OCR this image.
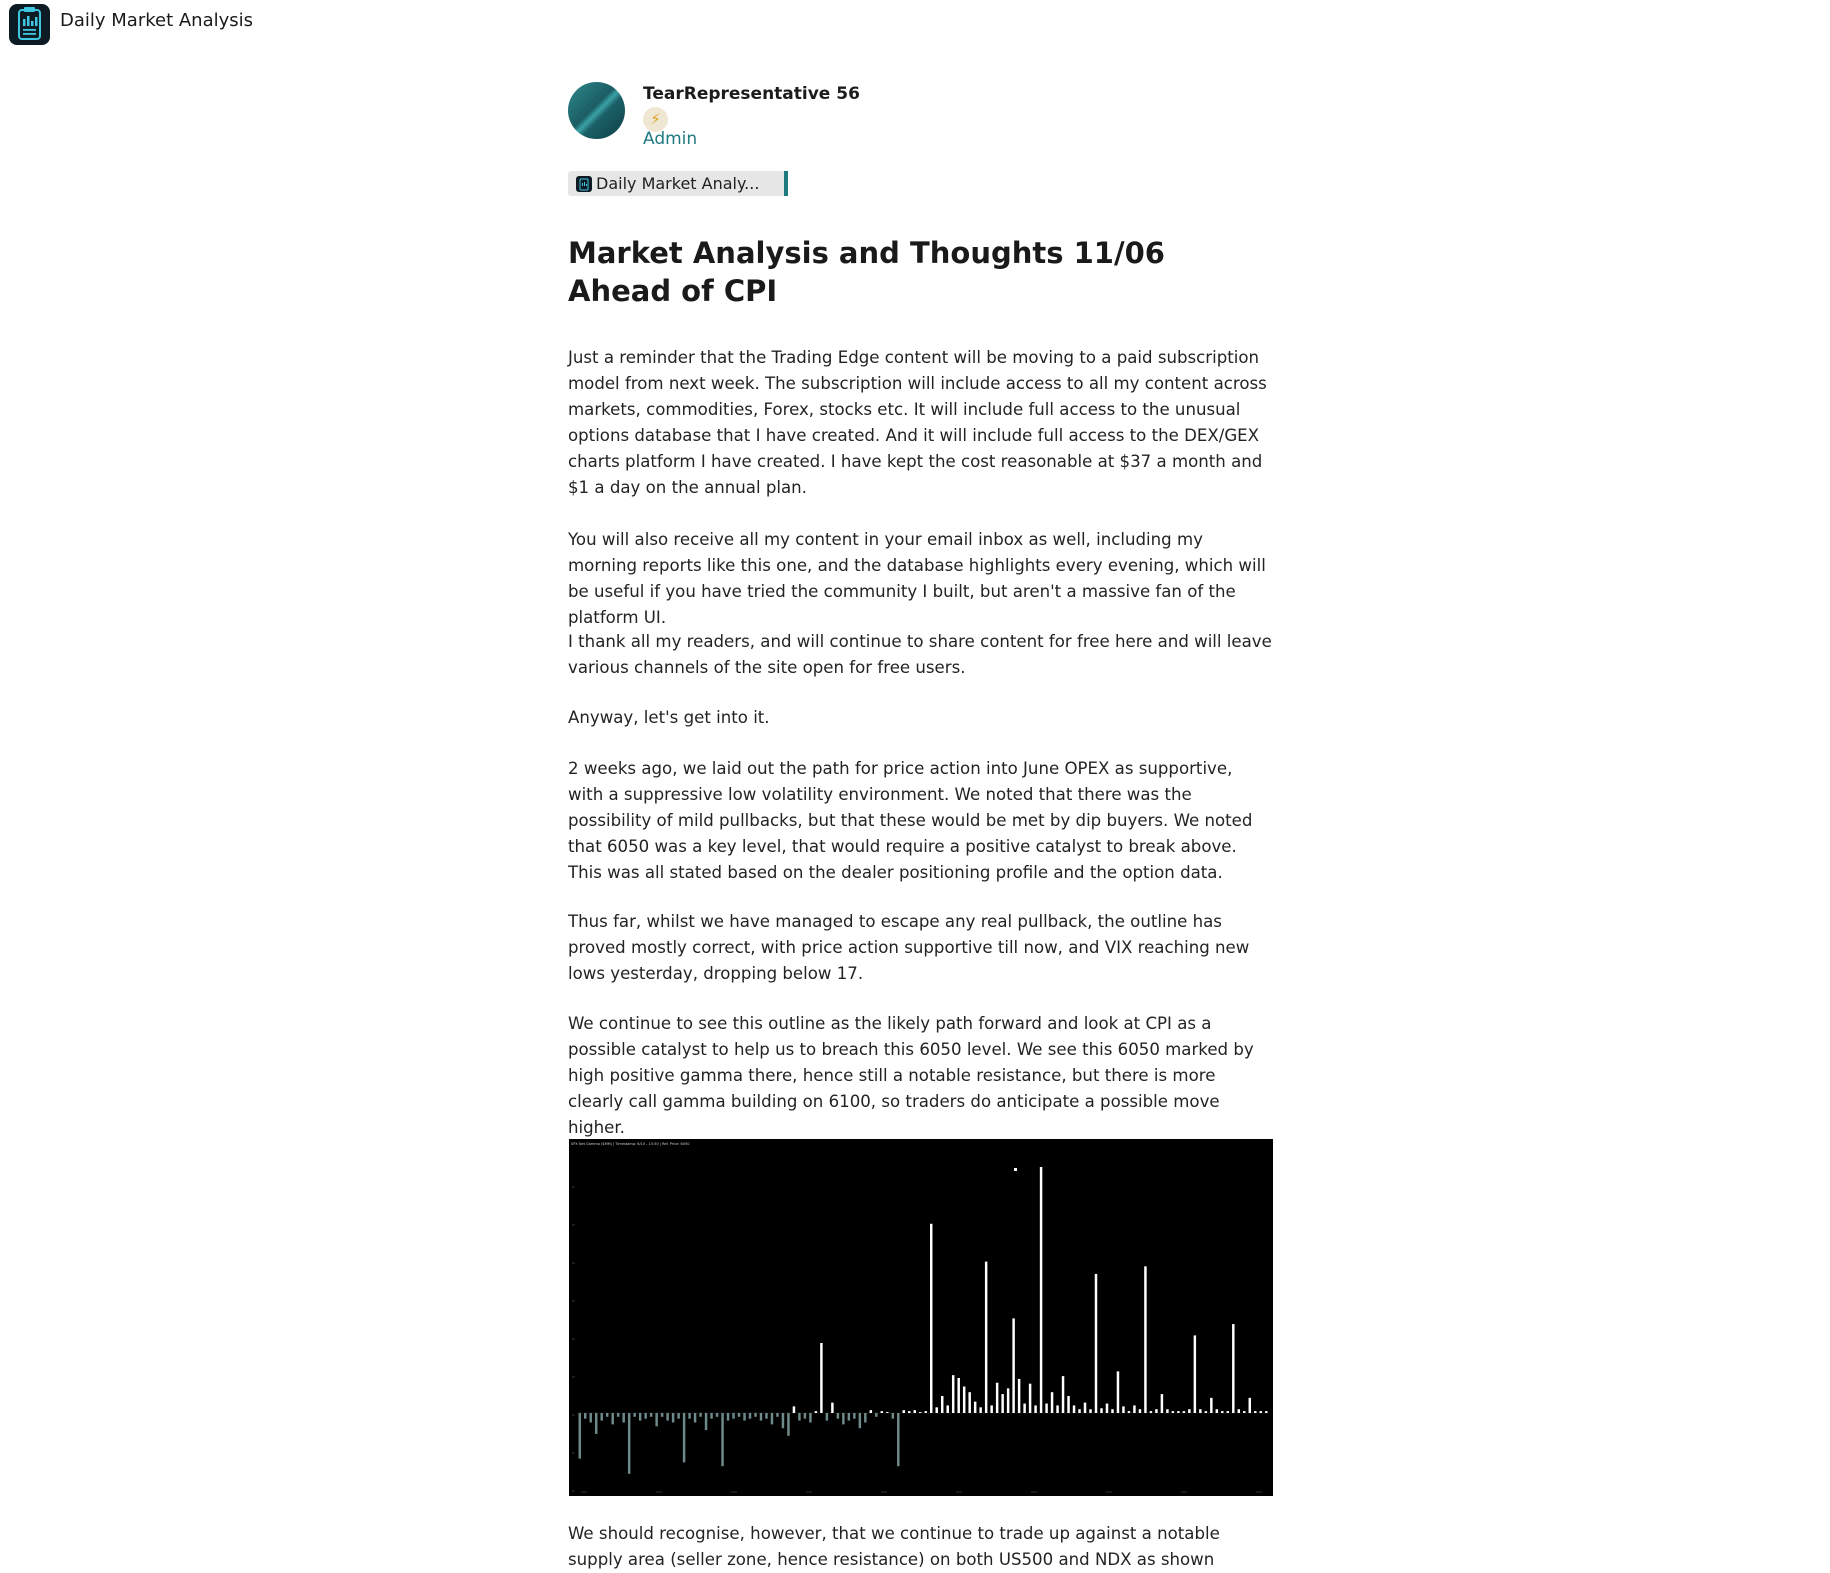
Daily Market Analysis
TearRepresentative 56
⚡
Admin
Daily Market Analy...
Market Analysis and Thoughts 11/06 Ahead of CPI

Just a reminder that the Trading Edge content will be moving to a paid subscription model from next week. The subscription will include access to all my content across markets, commodities, Forex, stocks etc. It will include full access to the unusual options database that I have created. And it will include full access to the DEX/GEX charts platform I have created. I have kept the cost reasonable at $37 a month and $1 a day on the annual plan.

You will also receive all my content in your email inbox as well, including my morning reports like this one, and the database highlights every evening, which will be useful if you have tried the community I built, but aren't a massive fan of the platform UI.

I thank all my readers, and will continue to share content for free here and will leave various channels of the site open for free users.

Anyway, let's get into it.

2 weeks ago, we laid out the path for price action into June OPEX as supportive, with a suppressive low volatility environment. We noted that there was the possibility of mild pullbacks, but that these would be met by dip buyers. We noted that 6050 was a key level, that would require a positive catalyst to break above. This was all stated based on the dealer positioning profile and the option data.

Thus far, whilst we have managed to escape any real pullback, the outline has proved mostly correct, with price action supportive till now, and VIX reaching new lows yesterday, dropping below 17.

We continue to see this outline as the likely path forward and look at CPI as a possible catalyst to help us to breach this 6050 level. We see this 6050 marked by high positive gamma there, hence still a notable resistance, but there is more clearly call gamma building on 6100, so traders do anticipate a possible move higher.

SPX Net Gamma ($MM) | Timestamp: 6/10 - 15:50 | Ref. Price: 6050

We should recognise, however, that we continue to trade up against a notable supply area (seller zone, hence resistance) on both US500 and NDX as shown
